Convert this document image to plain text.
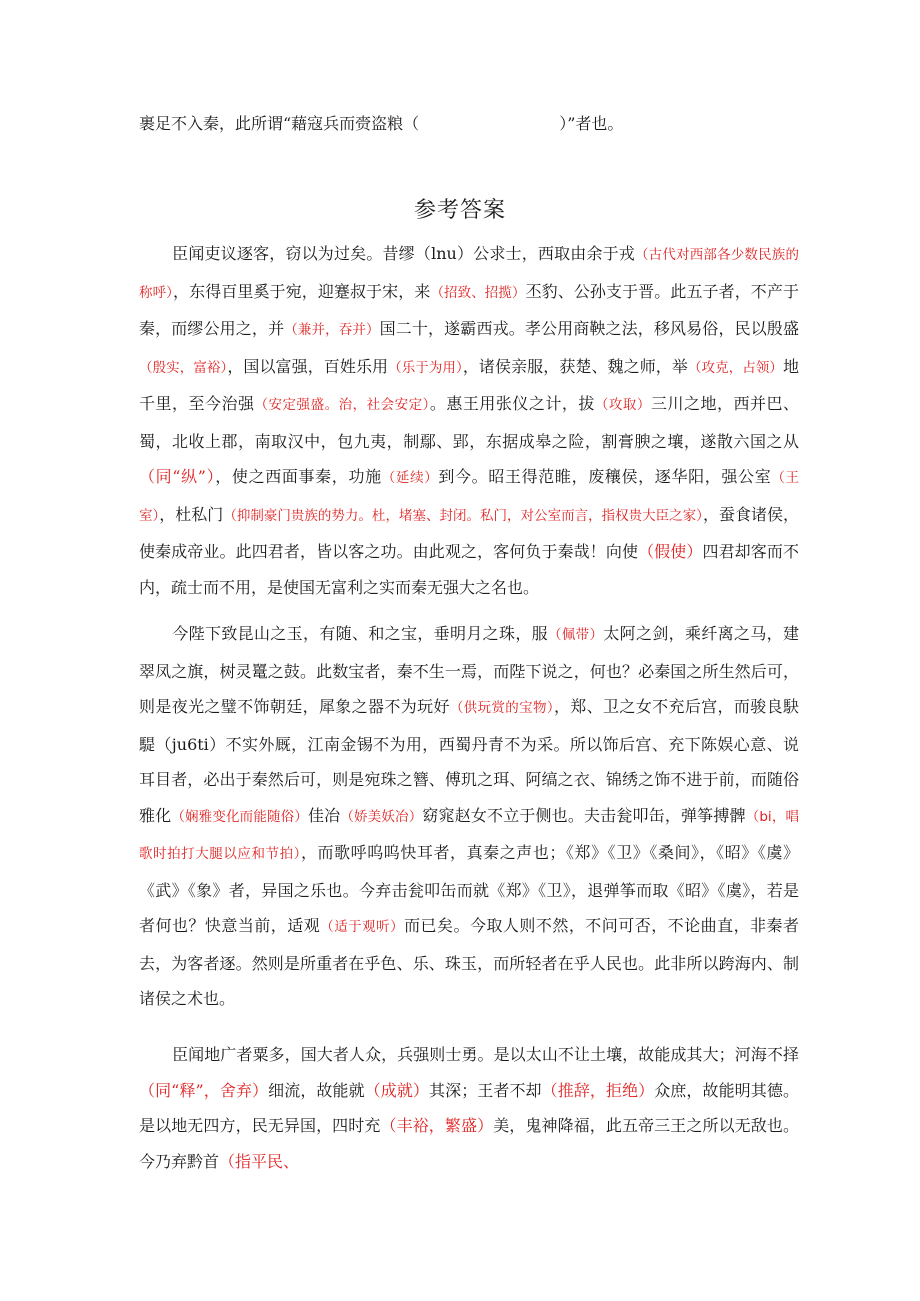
裹足不入秦，此所谓“藉寇兵而赍盗粮（	）”者也。
参考答案

臣闻吏议逐客，窃以为过矣。昔缪（lnu）公求士，西取由余于戎（古代对西部各少数民族的称呼），东得百里奚于宛，迎蹇叔于宋，来（招致、招揽）丕豹、公孙支于晋。此五子者，不产于秦，而缪公用之，并（兼并，吞并）国二十，遂霸西戎。孝公用商鞅之法，移风易俗，民以殷盛（殷实，富裕），国以富强，百姓乐用（乐于为用），诸侯亲服，获楚、魏之师，举（攻克，占领）地千里，至今治强（安定强盛。治，社会安定）。惠王用张仪之计，拔（攻取）三川之地，西并巴、蜀，北收上郡，南取汉中，包九夷，制鄢、郢，东据成皋之险，割膏腴之壤，遂散六国之从（同“纵”），使之西面事秦，功施（延续）到今。昭王得范睢，废穰侯，逐华阳，强公室（王室），杜私门（抑制豪门贵族的势力。杜，堵塞、封闭。私门，对公室而言，指权贵大臣之家），蚕食诸侯，使秦成帝业。此四君者，皆以客之功。由此观之，客何负于秦哉！向使（假使）四君却客而不内，疏士而不用，是使国无富利之实而秦无强大之名也。

今陛下致昆山之玉，有随、和之宝，垂明月之珠，服（佩带）太阿之剑，乘纤离之马，建翠凤之旗，树灵鼍之鼓。此数宝者，秦不生一焉，而陛下说之，何也？必秦国之所生然后可，则是夜光之璧不饰朝廷，犀象之器不为玩好（供玩赏的宝物），郑、卫之女不充后宫，而骏良駃騠（ju6ti）不实外厩，江南金锡不为用，西蜀丹青不为采。所以饰后宫、充下陈娱心意、说耳目者，必出于秦然后可，则是宛珠之簪、傅玑之珥、阿缟之衣、锦绣之饰不进于前，而随俗雅化（娴雅变化而能随俗）佳冶（娇美妖冶）窈窕赵女不立于侧也。夫击瓮叩缶，弹筝搏髀（bi，唱歌时拍打大腿以应和节拍），而歌呼呜呜快耳者，真秦之声也；《郑》《卫》《桑间》，《昭》《虞》《武》《象》者，异国之乐也。今弃击瓮叩缶而就《郑》《卫》，退弹筝而取《昭》《虞》，若是者何也？快意当前，适观（适于观听）而已矣。今取人则不然，不问可否，不论曲直，非秦者去，为客者逐。然则是所重者在乎色、乐、珠玉，而所轻者在乎人民也。此非所以跨海内、制诸侯之术也。

臣闻地广者粟多，国大者人众，兵强则士勇。是以太山不让土壤，故能成其大；河海不择（同“释”，舍弃）细流，故能就（成就）其深；王者不却（推辞，拒绝）众庶，故能明其德。是以地无四方，民无异国，四时充（丰裕，繁盛）美，鬼神降福，此五帝三王之所以无敌也。今乃弃黔首（指平民、
